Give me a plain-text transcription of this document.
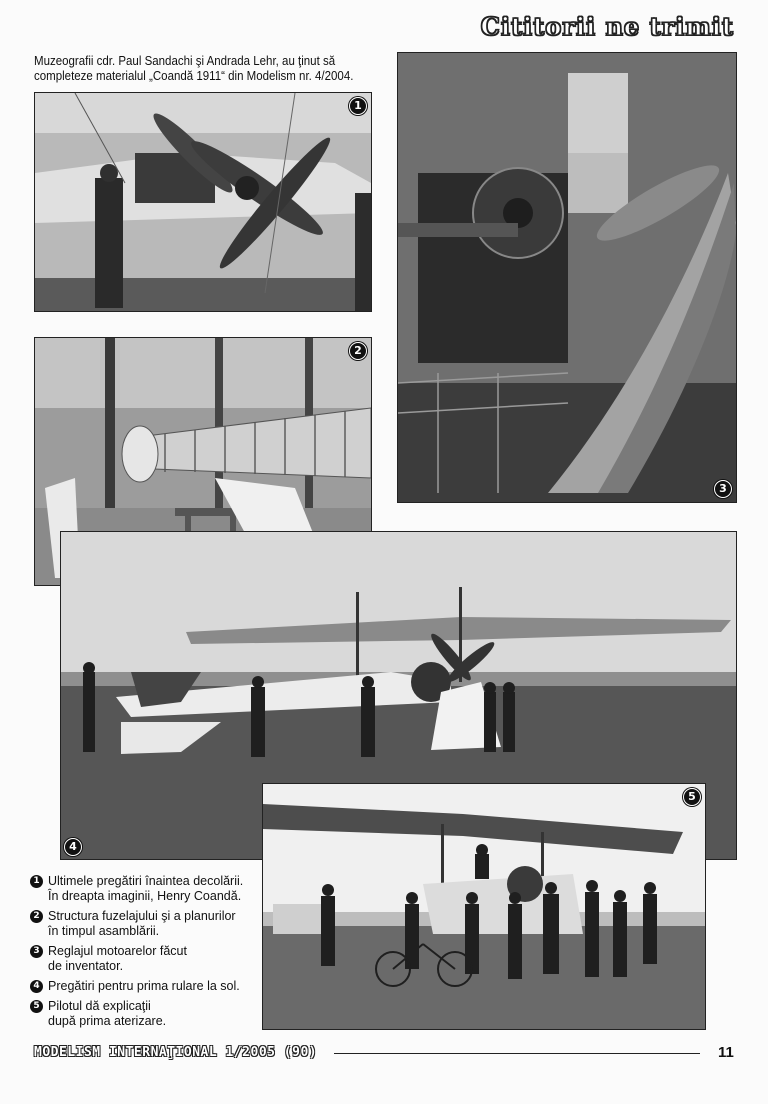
Cititorii ne trimit
Muzeografii cdr. Paul Sandachi şi Andrada Lehr, au ţinut să
completeze materialul „Coandă 1911“ din Modelism nr. 4/2004.
1
2
3
4
5
1 Ultimele pregătiri înaintea decolării.
În dreapta imaginii, Henry Coandă.
2 Structura fuzelajului şi a planurilor
în timpul asamblării.
3 Reglajul motoarelor făcut
de inventator.
4 Pregătiri pentru prima rulare la sol.
5 Pilotul dă explicaţii
după prima aterizare.
MODELISM INTERNAŢIONAL 1/2005 (90)	11
